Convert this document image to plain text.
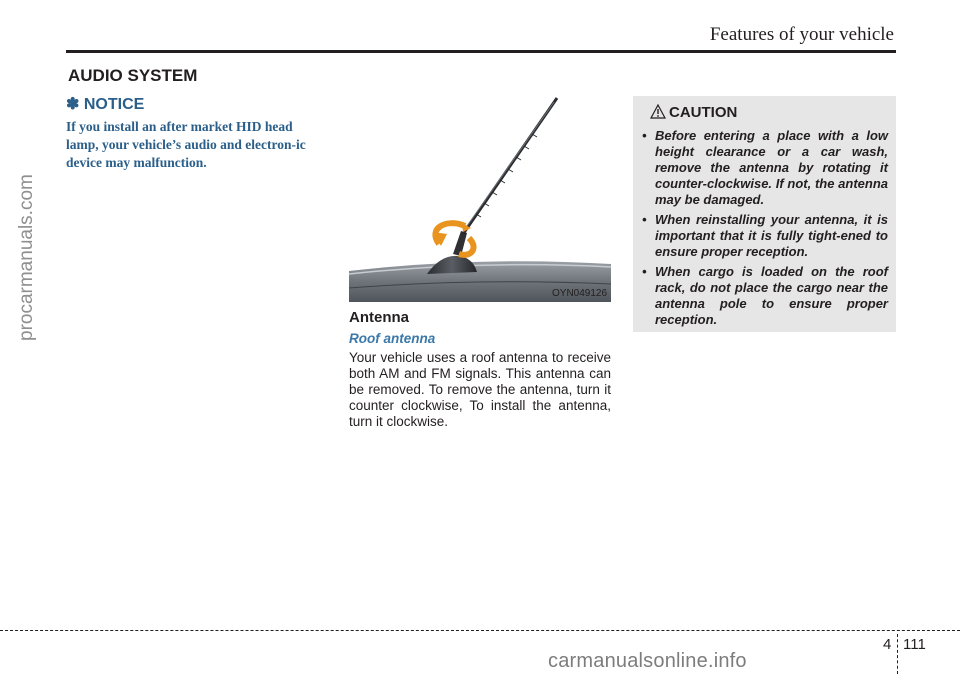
Features of your vehicle
AUDIO SYSTEM
✽ NOTICE
If you install an after market HID head lamp, your vehicle’s audio and electron-ic device may malfunction.
OYN049126
Antenna
Roof antenna
Your vehicle uses a roof antenna to receive both AM and FM signals. This antenna can be removed. To remove the antenna, turn it counter clockwise, To install the antenna, turn it clockwise.
CAUTION
• Before entering a place with a low height clearance or a car wash, remove the antenna by rotating it counter-clockwise. If not, the antenna may be damaged.
• When reinstalling your antenna, it is important that it is fully tight-ened to ensure proper reception.
• When cargo is loaded on the roof rack, do not place the cargo near the antenna pole to ensure proper reception.
procarmanuals.com
4 111
carmanualsonline.info
